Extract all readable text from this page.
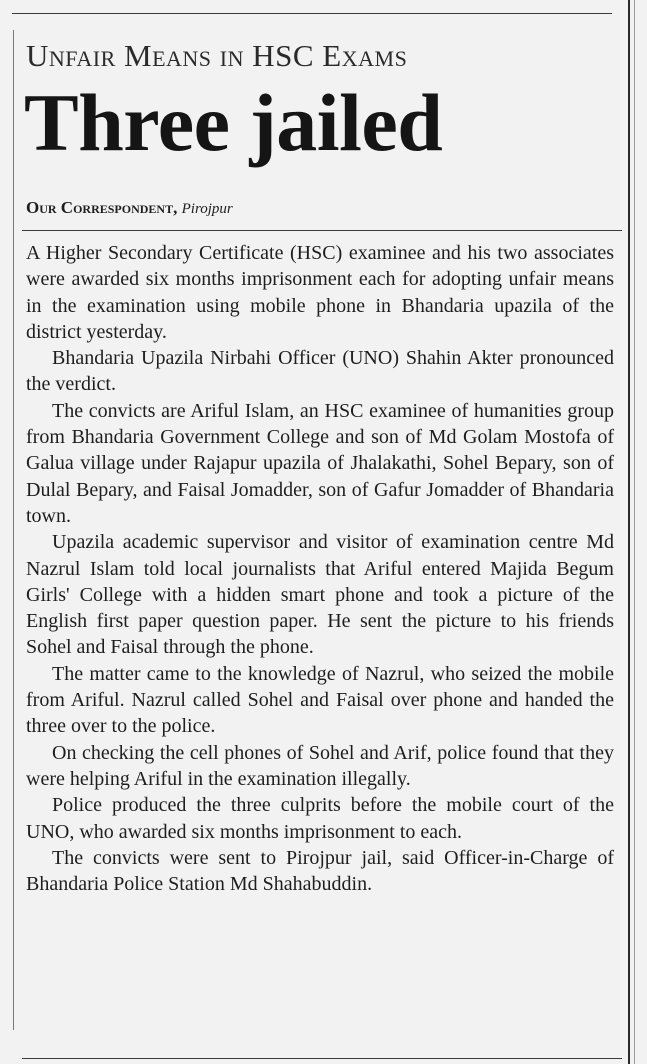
Unfair Means in HSC Exams
Three jailed
Our Correspondent, Pirojpur

A Higher Secondary Certificate (HSC) examinee and his two associates were awarded six months imprisonment each for adopting unfair means in the examination using mobile phone in Bhandaria upazila of the district yesterday.

Bhandaria Upazila Nirbahi Officer (UNO) Shahin Akter pronounced the verdict.

The convicts are Ariful Islam, an HSC examinee of humanities group from Bhandaria Government College and son of Md Golam Mostofa of Galua village under Rajapur upazila of Jhalakathi, Sohel Bepary, son of Dulal Bepary, and Faisal Jomadder, son of Gafur Jomadder of Bhandaria town.

Upazila academic supervisor and visitor of examination centre Md Nazrul Islam told local journalists that Ariful entered Majida Begum Girls' College with a hidden smart phone and took a picture of the English first paper question paper. He sent the picture to his friends Sohel and Faisal through the phone.

The matter came to the knowledge of Nazrul, who seized the mobile from Ariful. Nazrul called Sohel and Faisal over phone and handed the three over to the police.

On checking the cell phones of Sohel and Arif, police found that they were helping Ariful in the examination illegally.

Police produced the three culprits before the mobile court of the UNO, who awarded six months imprisonment to each.

The convicts were sent to Pirojpur jail, said Officer-in-Charge of Bhandaria Police Station Md Shahabuddin.
